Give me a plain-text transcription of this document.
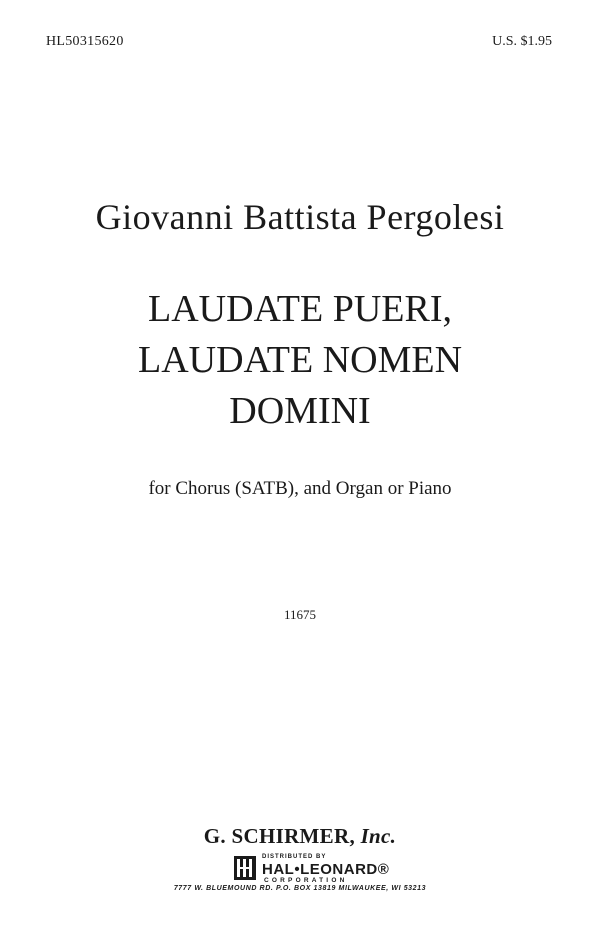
HL50315620	U.S. $1.95
Giovanni Battista Pergolesi
LAUDATE PUERI,
LAUDATE NOMEN
DOMINI
for Chorus (SATB), and Organ or Piano
11675
G. SCHIRMER, Inc.
DISTRIBUTED BY
HAL•LEONARD®
CORPORATION
7777 W. BLUEMOUND RD. P.O. BOX 13819 MILWAUKEE, WI 53213
